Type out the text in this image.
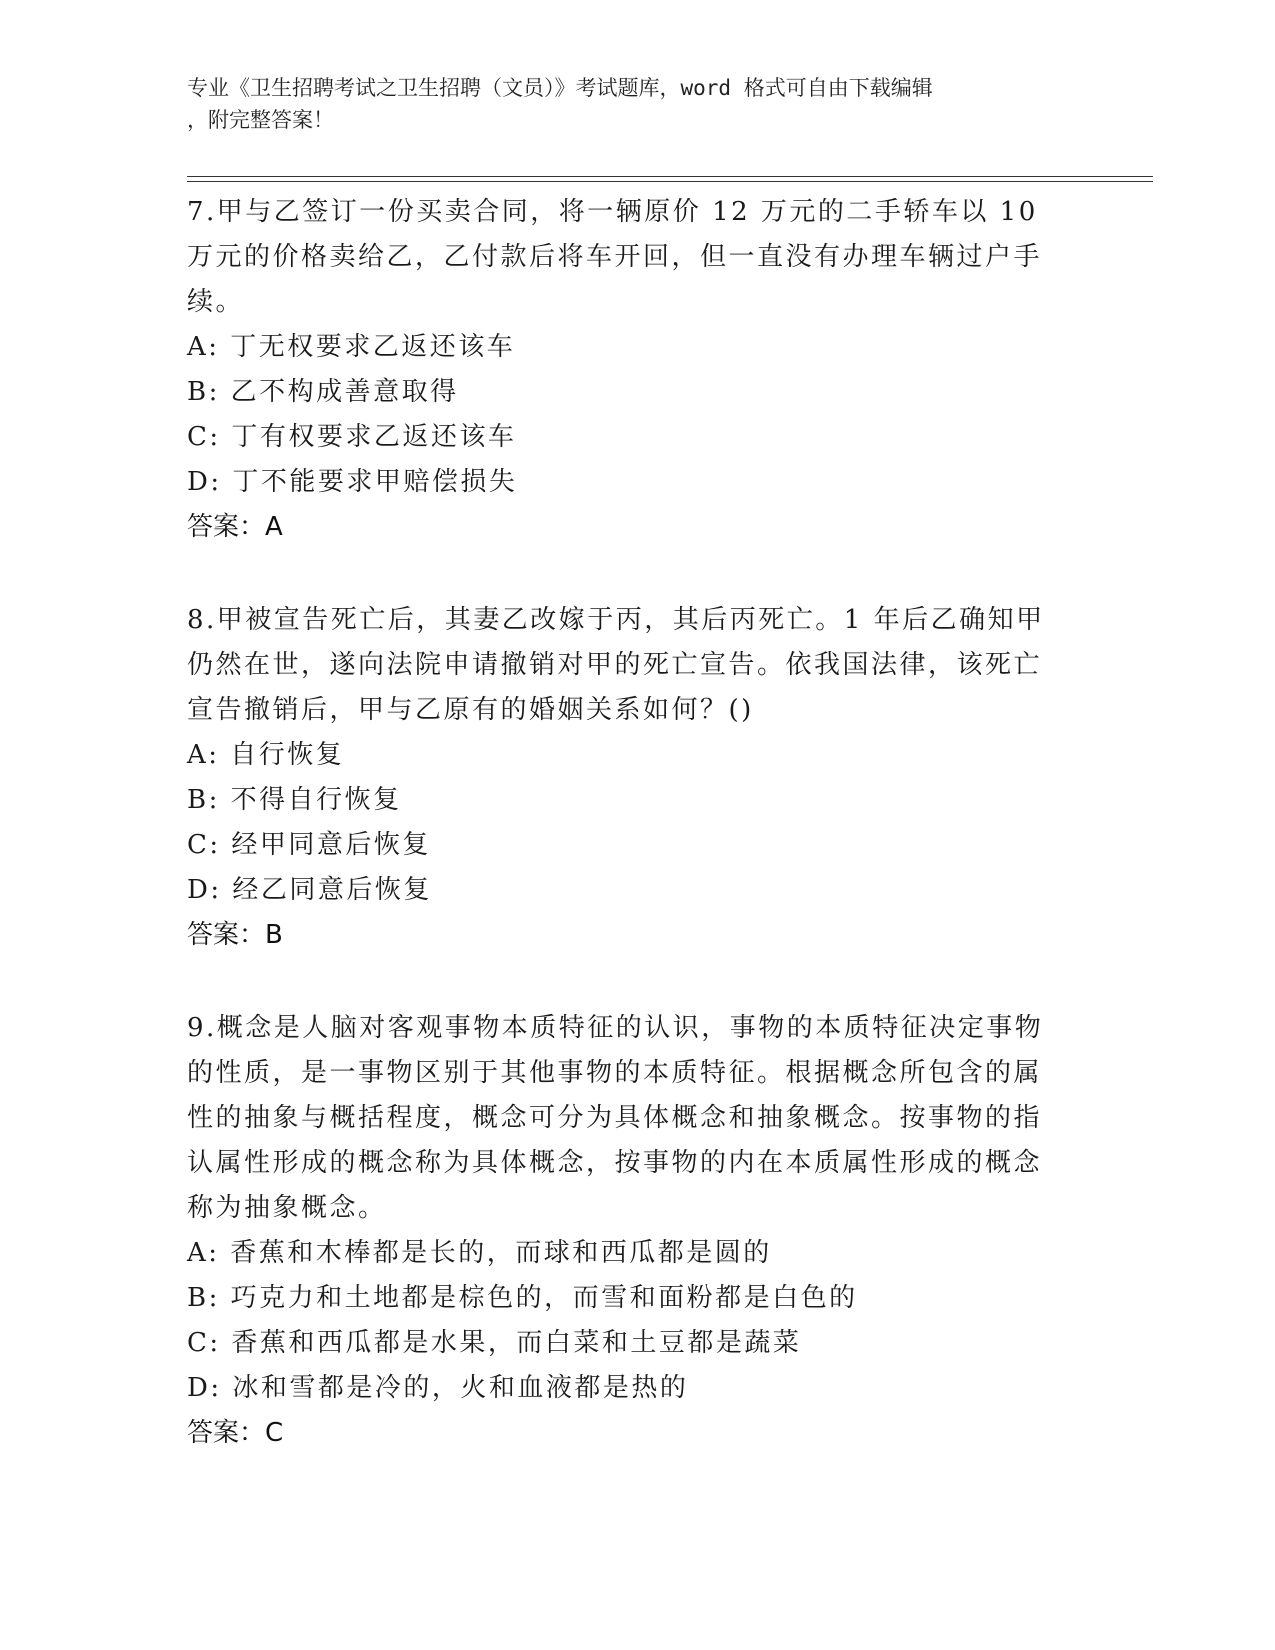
专业《卫生招聘考试之卫生招聘（文员）》考试题库，word 格式可自由下载编辑

，附完整答案！

7.甲与乙签订一份买卖合同，将一辆原价 12 万元的二手轿车以 10 万元的价格卖给乙，乙付款后将车开回，但一直没有办理车辆过户手续。

A: 丁无权要求乙返还该车

B: 乙不构成善意取得

C: 丁有权要求乙返还该车

D: 丁不能要求甲赔偿损失

答案：A

8.甲被宣告死亡后，其妻乙改嫁于丙，其后丙死亡。1 年后乙确知甲仍然在世，遂向法院申请撤销对甲的死亡宣告。依我国法律，该死亡宣告撤销后，甲与乙原有的婚姻关系如何？()

A: 自行恢复

B: 不得自行恢复

C: 经甲同意后恢复

D: 经乙同意后恢复

答案：B

9.概念是人脑对客观事物本质特征的认识，事物的本质特征决定事物的性质，是一事物区别于其他事物的本质特征。根据概念所包含的属性的抽象与概括程度，概念可分为具体概念和抽象概念。按事物的指认属性形成的概念称为具体概念，按事物的内在本质属性形成的概念称为抽象概念。

A: 香蕉和木棒都是长的，而球和西瓜都是圆的

B: 巧克力和土地都是棕色的，而雪和面粉都是白色的

C: 香蕉和西瓜都是水果，而白菜和土豆都是蔬菜

D: 冰和雪都是冷的，火和血液都是热的

答案：C
